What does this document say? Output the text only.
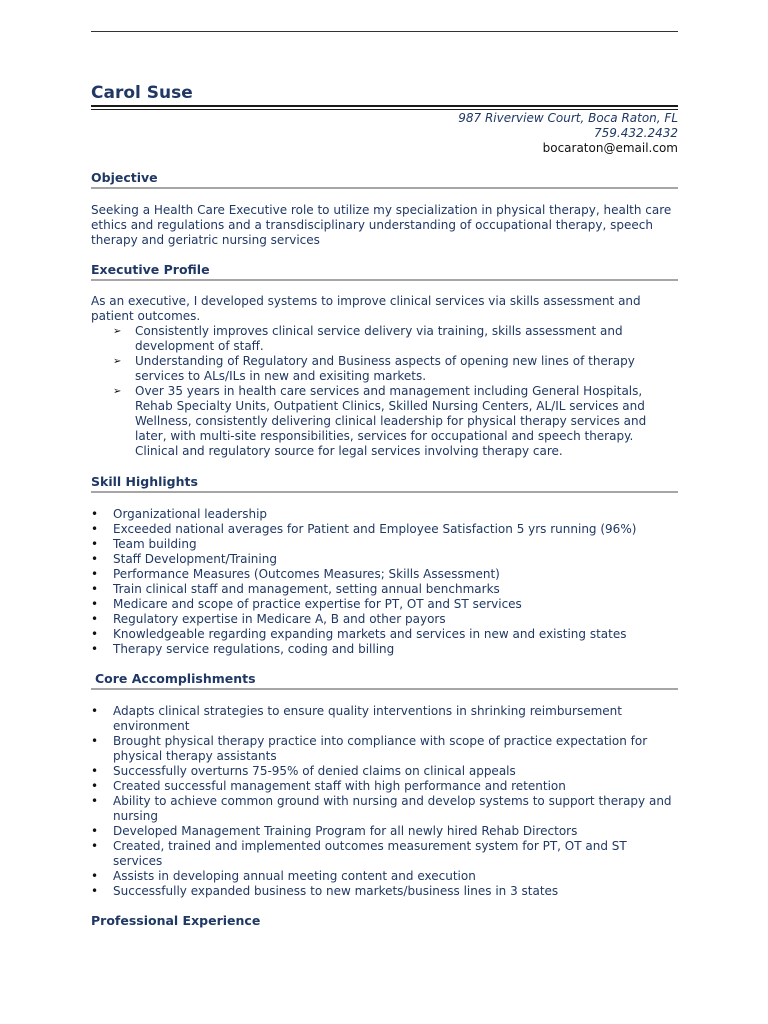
Carol Suse
987 Riverview Court, Boca Raton, FL
759.432.2432
bocaraton@email.com
Objective

Seeking a Health Care Executive role to utilize my specialization in physical therapy, health care ethics and regulations and a transdisciplinary understanding of occupational therapy, speech therapy and geriatric nursing services

Executive Profile

As an executive, I developed systems to improve clinical services via skills assessment and patient outcomes.

➢ Consistently improves clinical service delivery via training, skills assessment and development of staff.
➢ Understanding of Regulatory and Business aspects of opening new lines of therapy services to ALs/ILs in new and exisiting markets.
➢ Over 35 years in health care services and management including General Hospitals, Rehab Specialty Units, Outpatient Clinics, Skilled Nursing Centers, AL/IL services and Wellness, consistently delivering clinical leadership for physical therapy services and later, with multi-site responsibilities, services for occupational and speech therapy. Clinical and regulatory source for legal services involving therapy care.
Skill Highlights
• Organizational leadership
• Exceeded national averages for Patient and Employee Satisfaction 5 yrs running (96%)
• Team building
• Staff Development/Training
• Performance Measures (Outcomes Measures; Skills Assessment)
• Train clinical staff and management, setting annual benchmarks
• Medicare and scope of practice expertise for PT, OT and ST services
• Regulatory expertise in Medicare A, B and other payors
• Knowledgeable regarding expanding markets and services in new and existing states
• Therapy service regulations, coding and billing
Core Accomplishments
• Adapts clinical strategies to ensure quality interventions in shrinking reimbursement environment
• Brought physical therapy practice into compliance with scope of practice expectation for physical therapy assistants
• Successfully overturns 75-95% of denied claims on clinical appeals
• Created successful management staff with high performance and retention
• Ability to achieve common ground with nursing and develop systems to support therapy and nursing
• Developed Management Training Program for all newly hired Rehab Directors
• Created, trained and implemented outcomes measurement system for PT, OT and ST services
• Assists in developing annual meeting content and execution
• Successfully expanded business to new markets/business lines in 3 states
Professional Experience
